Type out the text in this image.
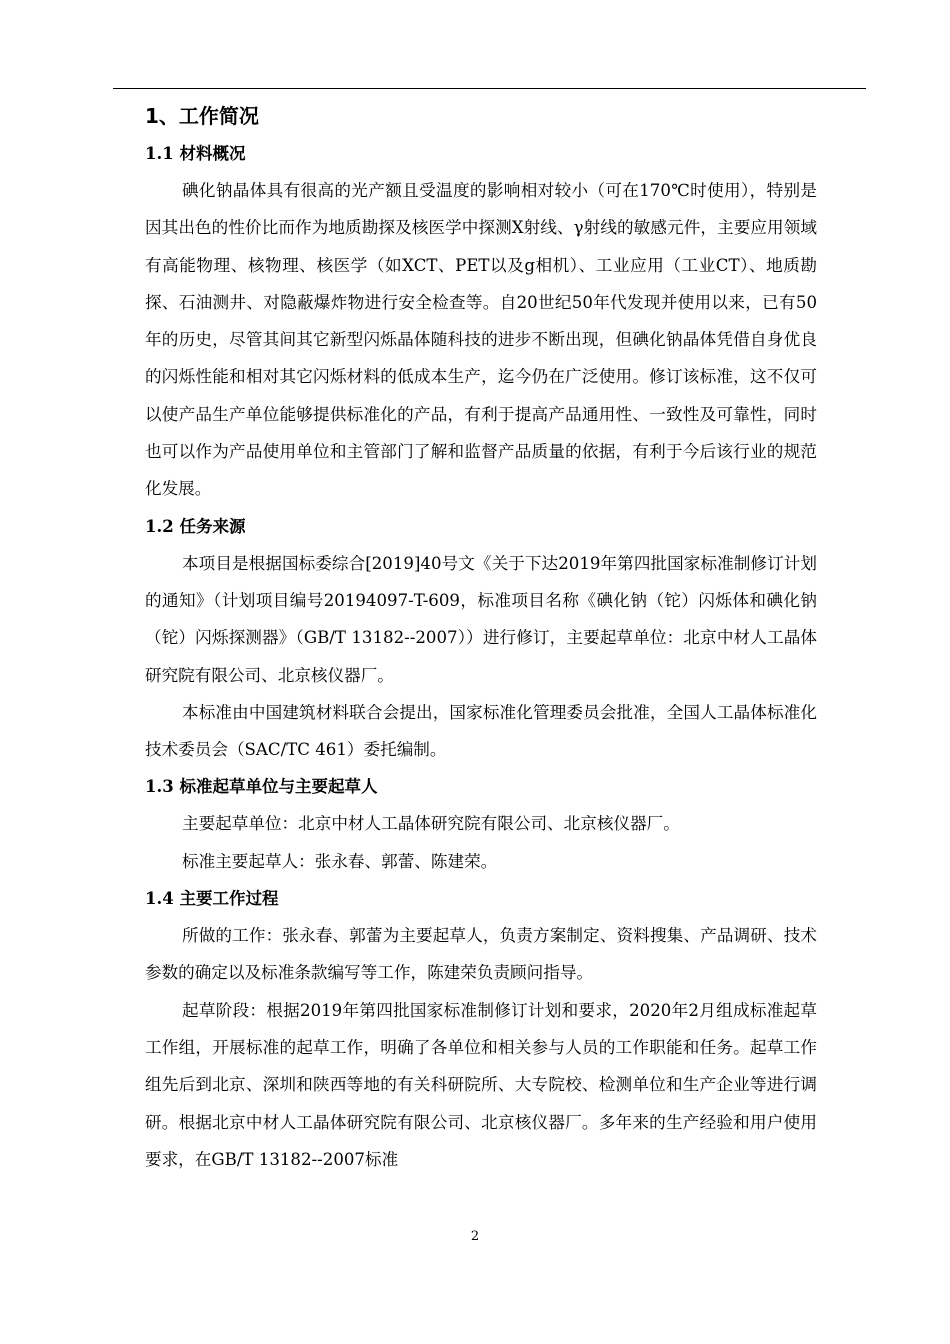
1、工作简况
1.1 材料概况

碘化钠晶体具有很高的光产额且受温度的影响相对较小（可在170℃时使用），特别是因其出色的性价比而作为地质勘探及核医学中探测X射线、γ射线的敏感元件，主要应用领域有高能物理、核物理、核医学（如XCT、PET以及g相机）、工业应用（工业CT）、地质勘探、石油测井、对隐蔽爆炸物进行安全检查等。自20世纪50年代发现并使用以来，已有50年的历史，尽管其间其它新型闪烁晶体随科技的进步不断出现，但碘化钠晶体凭借自身优良的闪烁性能和相对其它闪烁材料的低成本生产，迄今仍在广泛使用。修订该标准，这不仅可以使产品生产单位能够提供标准化的产品，有利于提高产品通用性、一致性及可靠性，同时也可以作为产品使用单位和主管部门了解和监督产品质量的依据，有利于今后该行业的规范化发展。

1.2 任务来源

本项目是根据国标委综合[2019]40号文《关于下达2019年第四批国家标准制修订计划的通知》（计划项目编号20194097-T-609，标准项目名称《碘化钠（铊）闪烁体和碘化钠（铊）闪烁探测器》（GB/T 13182--2007））进行修订，主要起草单位：北京中材人工晶体研究院有限公司、北京核仪器厂。

本标准由中国建筑材料联合会提出，国家标准化管理委员会批准，全国人工晶体标准化技术委员会（SAC/TC 461）委托编制。

1.3 标准起草单位与主要起草人

主要起草单位：北京中材人工晶体研究院有限公司、北京核仪器厂。

标准主要起草人：张永春、郭蕾、陈建荣。

1.4 主要工作过程

所做的工作：张永春、郭蕾为主要起草人，负责方案制定、资料搜集、产品调研、技术参数的确定以及标准条款编写等工作，陈建荣负责顾问指导。

起草阶段：根据2019年第四批国家标准制修订计划和要求，2020年2月组成标准起草工作组，开展标准的起草工作，明确了各单位和相关参与人员的工作职能和任务。起草工作组先后到北京、深圳和陕西等地的有关科研院所、大专院校、检测单位和生产企业等进行调研。根据北京中材人工晶体研究院有限公司、北京核仪器厂。多年来的生产经验和用户使用要求，在GB/T 13182--2007标准

2
